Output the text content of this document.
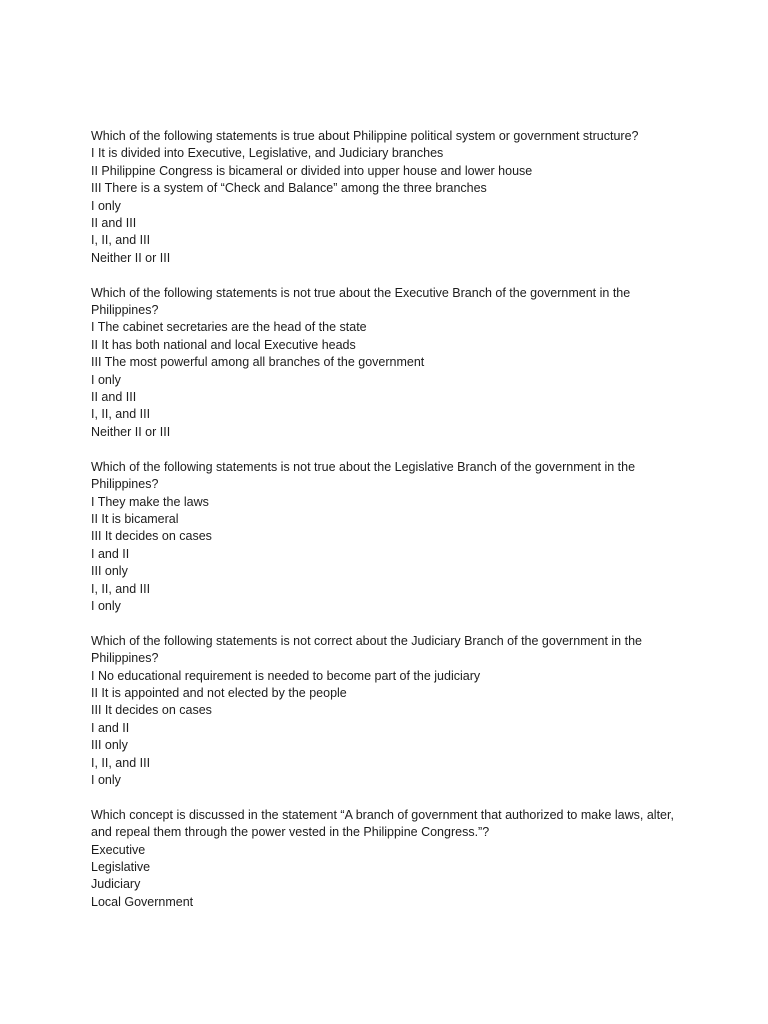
Which of the following statements is true about Philippine political system or government structure?
I It is divided into Executive, Legislative, and Judiciary branches
II Philippine Congress is bicameral or divided into upper house and lower house
III There is a system of “Check and Balance” among the three branches
I only
II and III
I, II, and III
Neither II or III
Which of the following statements is not true about the Executive Branch of the government in the Philippines?
I The cabinet secretaries are the head of the state
II It has both national and local Executive heads
III The most powerful among all branches of the government
I only
II and III
I, II, and III
Neither II or III
Which of the following statements is not true about the Legislative Branch of the government in the Philippines?
I They make the laws
II It is bicameral
III It decides on cases
I and II
III only
I, II, and III
I only
Which of the following statements is not correct about the Judiciary Branch of the government in the Philippines?
I No educational requirement is needed to become part of the judiciary
II It is appointed and not elected by the people
III It decides on cases
I and II
III only
I, II, and III
I only
Which concept is discussed in the statement “A branch of government that authorized to make laws, alter, and repeal them through the power vested in the Philippine Congress.”?
Executive
Legislative
Judiciary
Local Government
